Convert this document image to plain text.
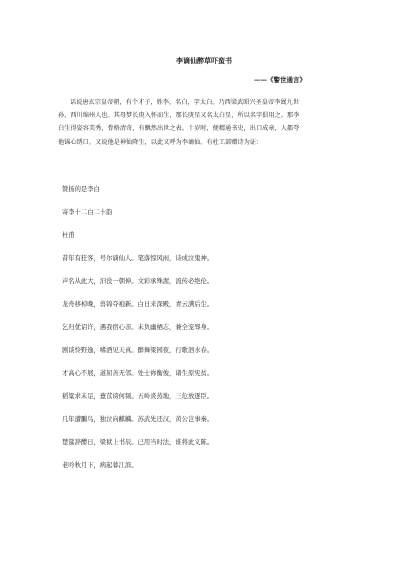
李谪仙醉草吓蛮书
——《警世通言》

话说唐玄宗皇帝朝，有个才子，姓李，名白，字太白。乃西梁武昭兴圣皇帝李暠九世
孙，西川绵州人也。其母梦长庚入怀而生，那长庚星又名太白星，所以名字俱用之。那李
白生得姿容美秀，骨格清奇，有飘然出世之表。十岁时，便精通书史，出口成章，人都夸
他锦心绣口，又说他是神仙降生，以此又呼为李谪仙。有杜工部赠诗为证：

赞扬的是李白
寄李十二白二十韵
杜甫
昔年有狂客，号尔谪仙人。笔落惊风雨，诗成泣鬼神。
声名从此大，汩没一朝伸。文彩承殊渥，流传必绝伦。
龙舟移棹晚，兽锦夺袍新。白日来深殿，青云满后尘。
乞归优诏许，遇我宿心亲。未负幽栖志，兼全宠辱身。
剧谈怜野逸，嗜酒见天真。醉舞梁园夜，行歌泗水春。
才高心不展，道屈善无邻。处士祢衡俊，诸生原宪贫。
稻粱求未足，薏苡谤何频。五岭炎蒸地，三危放逐臣。
几年遭鵩鸟，独泣向麒麟。苏武先还汉，黄公岂事秦。
楚筵辞醴日，梁狱上书辰。已用当时法，谁将此义陈。
老吟秋月下，病起暮江滨。
